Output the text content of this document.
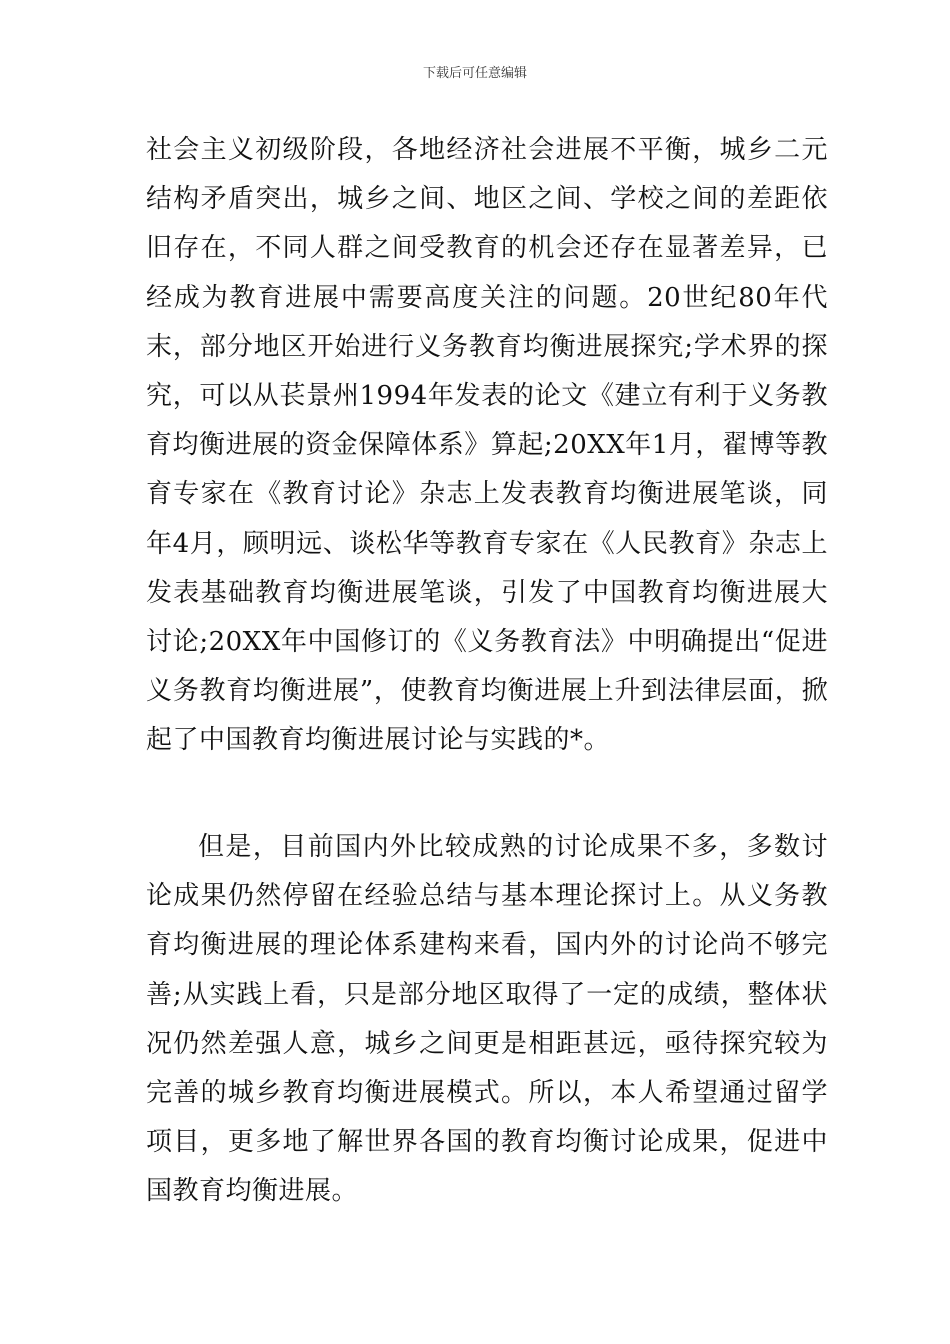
下载后可任意编辑
社会主义初级阶段，各地经济社会进展不平衡，城乡二元结构矛盾突出，城乡之间、地区之间、学校之间的差距依旧存在，不同人群之间受教育的机会还存在显著差异，已经成为教育进展中需要高度关注的问题。20世纪80年代末，部分地区开始进行义务教育均衡进展探究;学术界的探究，可以从苌景州1994年发表的论文《建立有利于义务教育均衡进展的资金保障体系》算起;20XX年1月，翟博等教育专家在《教育讨论》杂志上发表教育均衡进展笔谈，同年4月，顾明远、谈松华等教育专家在《人民教育》杂志上发表基础教育均衡进展笔谈，引发了中国教育均衡进展大讨论;20XX年中国修订的《义务教育法》中明确提出“促进义务教育均衡进展”，使教育均衡进展上升到法律层面，掀起了中国教育均衡进展讨论与实践的*。
但是，目前国内外比较成熟的讨论成果不多，多数讨论成果仍然停留在经验总结与基本理论探讨上。从义务教育均衡进展的理论体系建构来看，国内外的讨论尚不够完善;从实践上看，只是部分地区取得了一定的成绩，整体状况仍然差强人意，城乡之间更是相距甚远，亟待探究较为完善的城乡教育均衡进展模式。所以，本人希望通过留学项目，更多地了解世界各国的教育均衡讨论成果，促进中国教育均衡进展。
